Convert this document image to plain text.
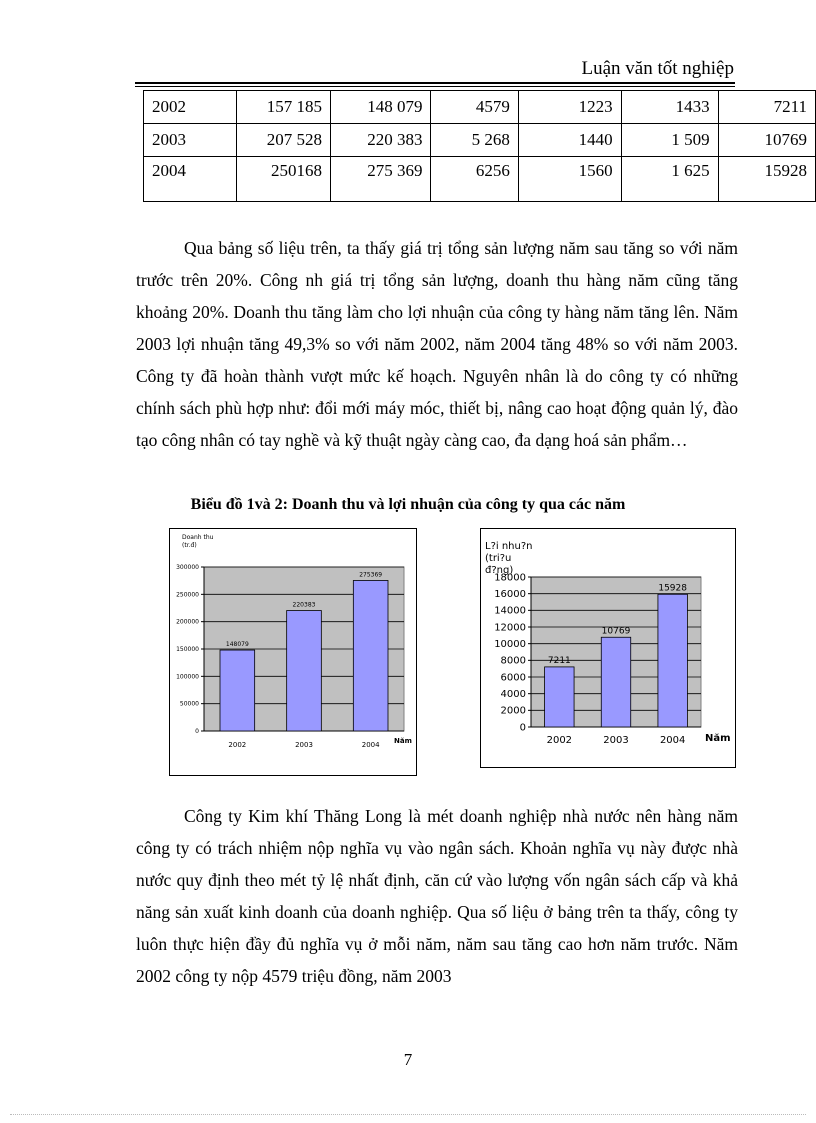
Luận văn tốt nghiệp
2002	157 185	148 079	4579	1223	1433	7211
2003	207 528	220 383	5 268	1440	1 509	10769
2004	250168	275 369	6256	1560	1 625	15928

Qua bảng số liệu trên, ta thấy giá trị tổng sản lượng năm sau tăng so với năm trước trên 20%. Công nh giá trị tổng sản lượng, doanh thu hàng năm cũng tăng khoảng 20%. Doanh thu tăng làm cho lợi nhuận của công ty hàng năm tăng lên. Năm 2003 lợi nhuận tăng 49,3% so với năm 2002, năm 2004 tăng 48% so với năm 2003. Công ty đã hoàn thành vượt mức kế hoạch. Nguyên nhân là do công ty có những chính sách phù hợp như: đổi mới máy móc, thiết bị, nâng cao hoạt động quản lý, đào tạo công nhân có tay nghề và kỹ thuật ngày càng cao, đa dạng hoá sản phẩm…

Biểu đồ 1và 2: Doanh thu và lợi nhuận của công ty qua các năm
0
50000
100000
150000
200000
250000
300000
148079
2002
220383
2003
275369
2004
Doanh thu
(tr.đ)
Năm
0
2000
4000
6000
8000
10000
12000
14000
16000
18000
7211
2002
10769
2003
15928
2004
L?i nhu?n
(tri?u
đ?ng)
Năm

Công ty Kim khí Thăng Long là mét doanh nghiệp nhà nước nên hàng năm công ty có trách nhiệm nộp nghĩa vụ vào ngân sách. Khoản nghĩa vụ này được nhà nước quy định theo mét tỷ lệ nhất định, căn cứ vào lượng vốn ngân sách cấp và khả năng sản xuất kinh doanh của doanh nghiệp. Qua số liệu ở bảng trên ta thấy, công ty luôn thực hiện đầy đủ nghĩa vụ ở mỗi năm, năm sau tăng cao hơn năm trước. Năm 2002 công ty nộp 4579 triệu đồng, năm 2003

7
